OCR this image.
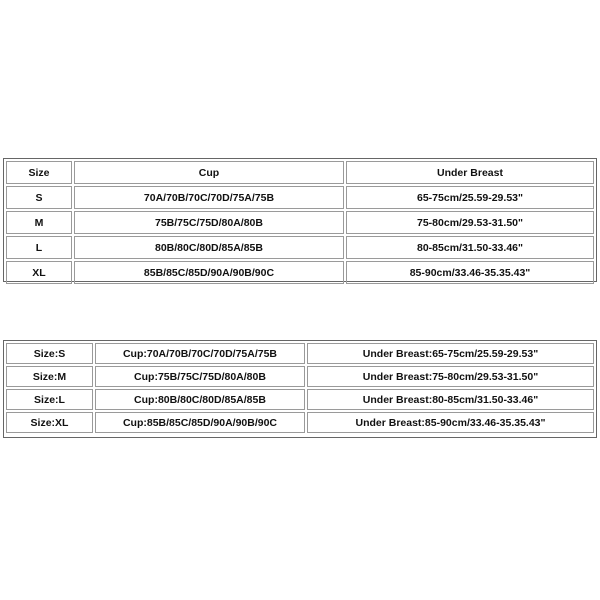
Size	Cup	Under Breast
S	70A/70B/70C/70D/75A/75B	65-75cm/25.59-29.53"
M	75B/75C/75D/80A/80B	75-80cm/29.53-31.50"
L	80B/80C/80D/85A/85B	80-85cm/31.50-33.46"
XL	85B/85C/85D/90A/90B/90C	85-90cm/33.46-35.35.43"
Size:S	Cup:70A/70B/70C/70D/75A/75B	Under Breast:65-75cm/25.59-29.53"
Size:M	Cup:75B/75C/75D/80A/80B	Under Breast:75-80cm/29.53-31.50"
Size:L	Cup:80B/80C/80D/85A/85B	Under Breast:80-85cm/31.50-33.46"
Size:XL	Cup:85B/85C/85D/90A/90B/90C	Under Breast:85-90cm/33.46-35.35.43"
